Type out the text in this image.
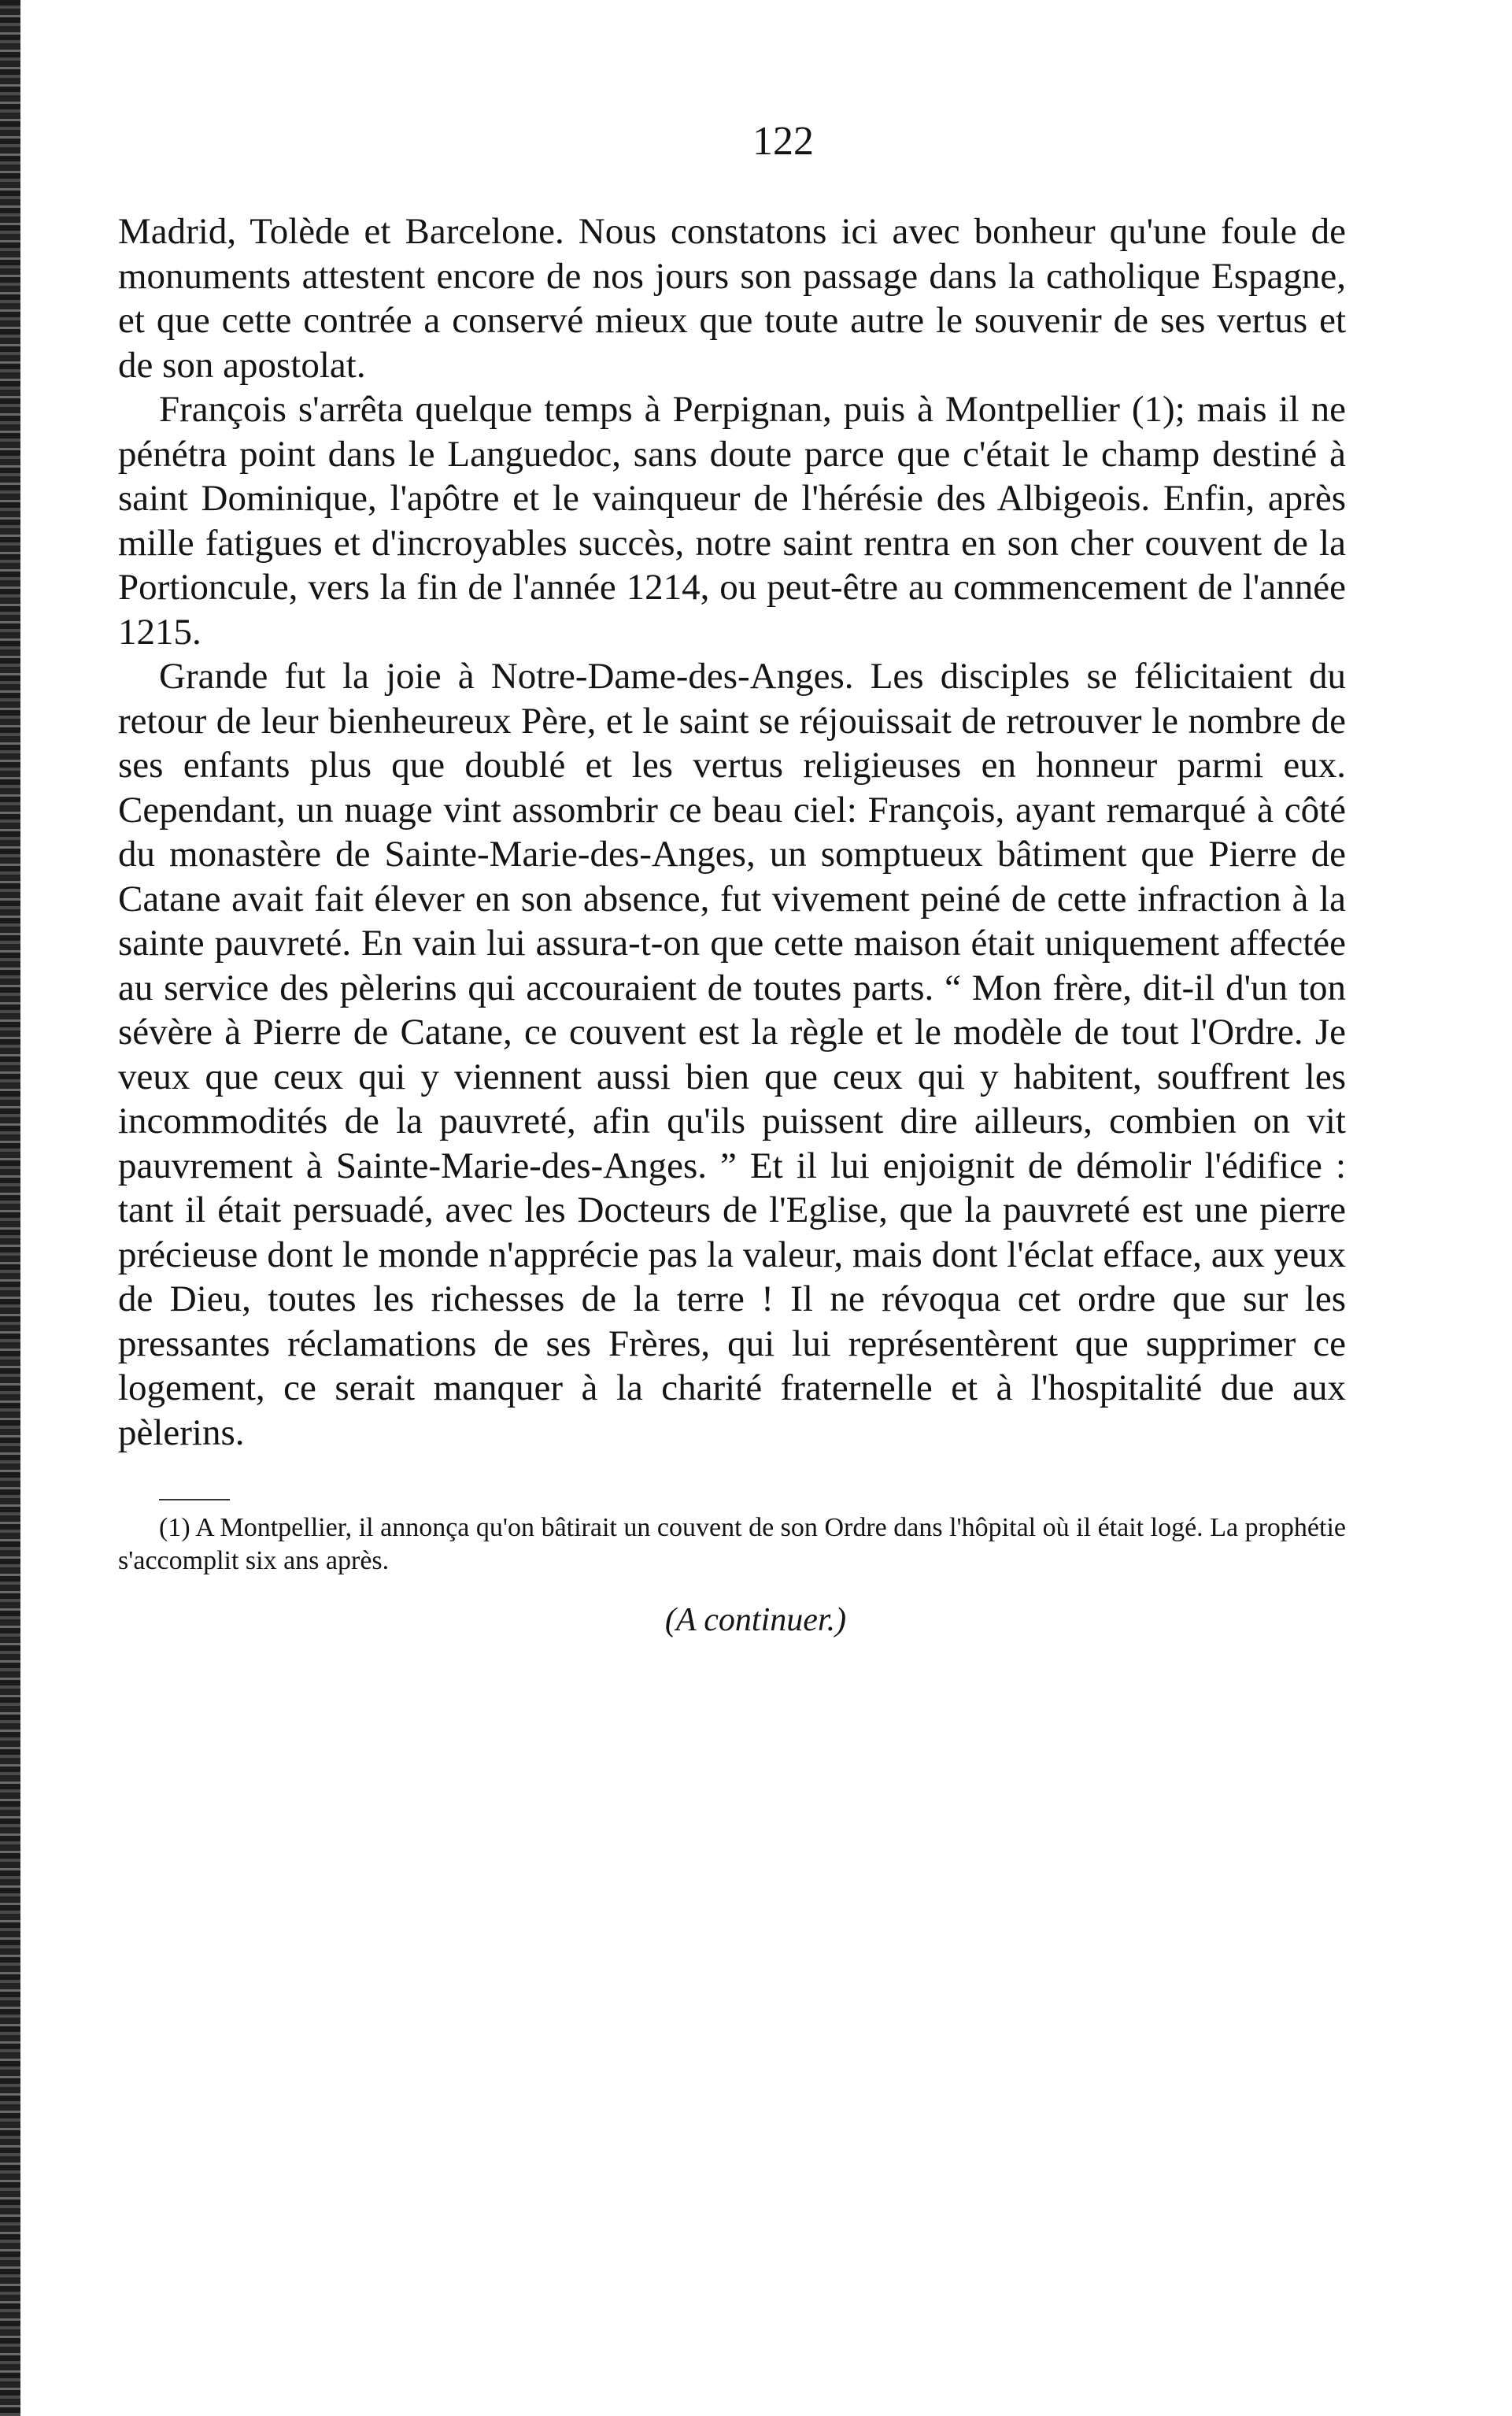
122

Madrid, Tolède et Barcelone. Nous constatons ici avec bonheur qu'une foule de monuments attestent encore de nos jours son passage dans la catholique Espagne, et que cette contrée a conservé mieux que toute autre le souvenir de ses vertus et de son apostolat.

François s'arrêta quelque temps à Perpignan, puis à Montpellier (1); mais il ne pénétra point dans le Languedoc, sans doute parce que c'était le champ destiné à saint Dominique, l'apôtre et le vainqueur de l'hérésie des Albigeois. Enfin, après mille fatigues et d'incroyables succès, notre saint rentra en son cher couvent de la Portioncule, vers la fin de l'année 1214, ou peut-être au commencement de l'année 1215.

Grande fut la joie à Notre-Dame-des-Anges. Les disciples se félicitaient du retour de leur bienheureux Père, et le saint se réjouissait de retrouver le nombre de ses enfants plus que doublé et les vertus religieuses en honneur parmi eux. Cependant, un nuage vint assombrir ce beau ciel: François, ayant remarqué à côté du monastère de Sainte-Marie-des-Anges, un somptueux bâtiment que Pierre de Catane avait fait élever en son absence, fut vivement peiné de cette infraction à la sainte pauvreté. En vain lui assura-t-on que cette maison était uniquement affectée au service des pèlerins qui accouraient de toutes parts. “ Mon frère, dit-il d'un ton sévère à Pierre de Catane, ce couvent est la règle et le modèle de tout l'Ordre. Je veux que ceux qui y viennent aussi bien que ceux qui y habitent, souffrent les incommodités de la pauvreté, afin qu'ils puissent dire ailleurs, combien on vit pauvrement à Sainte-Marie-des-Anges. ” Et il lui enjoignit de démolir l'édifice : tant il était persuadé, avec les Docteurs de l'Eglise, que la pauvreté est une pierre précieuse dont le monde n'apprécie pas la valeur, mais dont l'éclat efface, aux yeux de Dieu, toutes les richesses de la terre ! Il ne révoqua cet ordre que sur les pressantes réclamations de ses Frères, qui lui représentèrent que supprimer ce logement, ce serait manquer à la charité fraternelle et à l'hospitalité due aux pèlerins.

(1) A Montpellier, il annonça qu'on bâtirait un couvent de son Ordre dans l'hôpital où il était logé. La prophétie s'accomplit six ans après.

(A continuer.)
